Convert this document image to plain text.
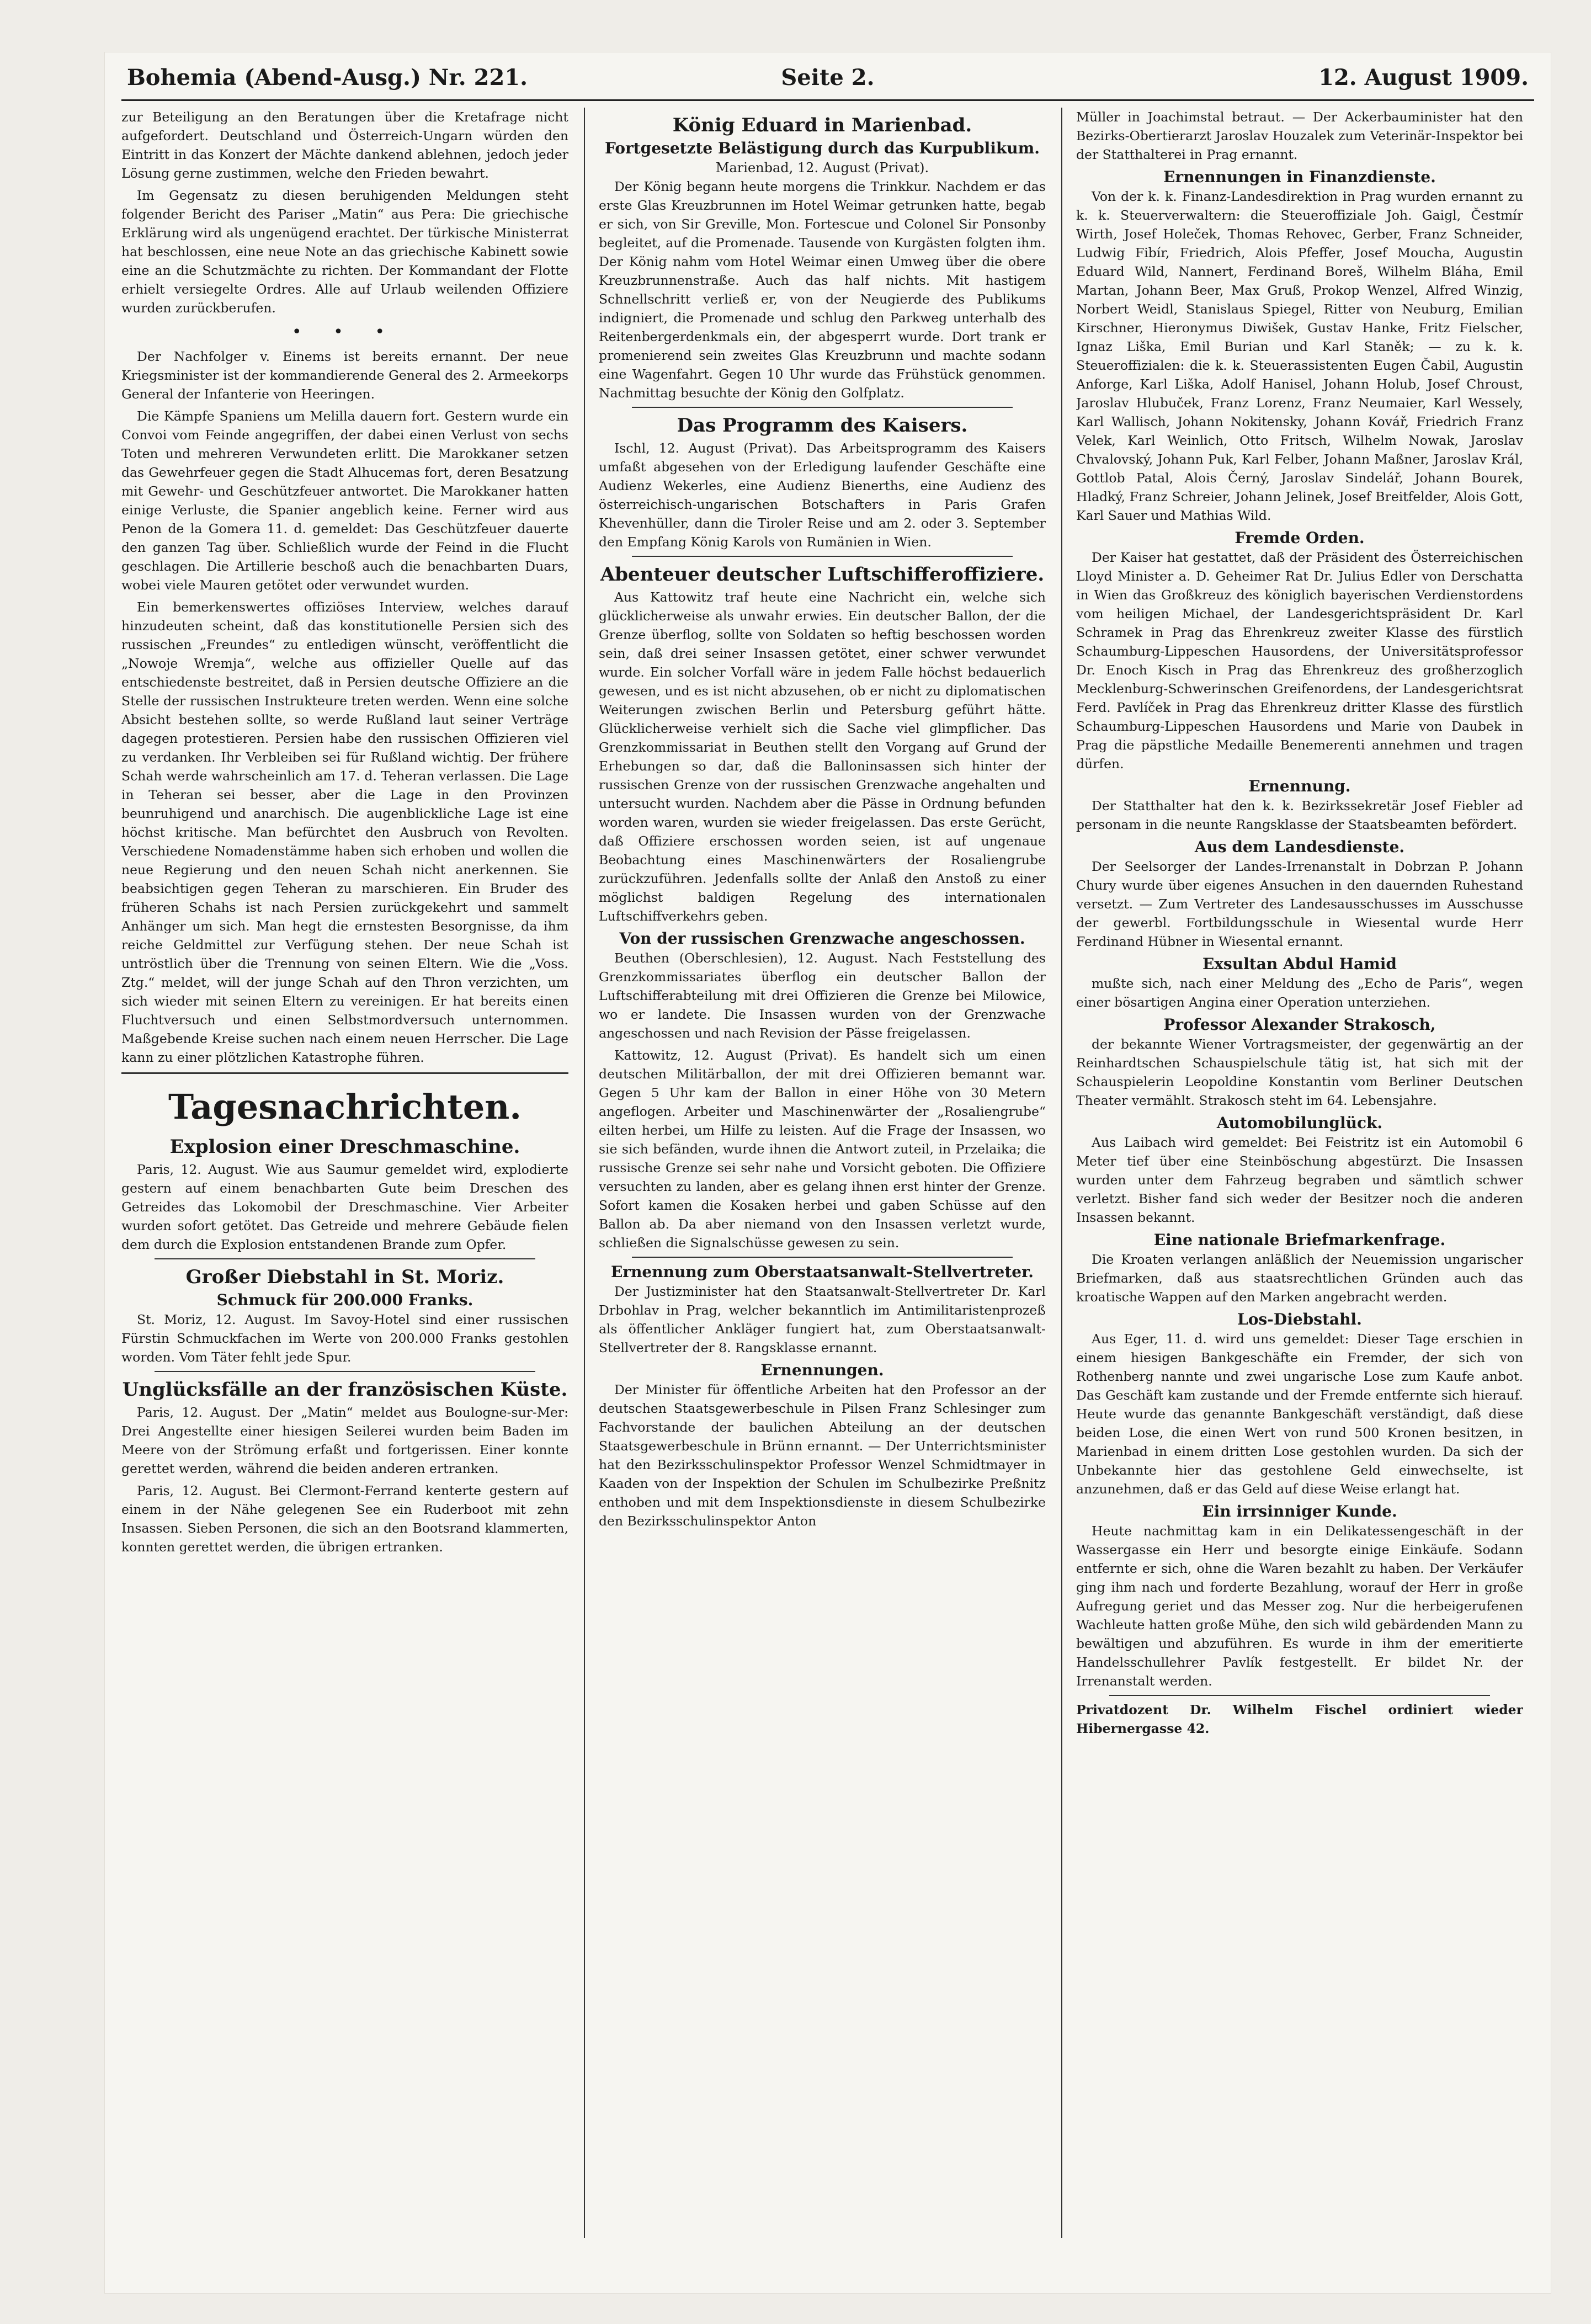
Bohemia (Abend-Ausg.) Nr. 221.	Seite 2.	12. August 1909.

zur Beteiligung an den Beratungen über die Kretafrage nicht aufgefordert. Deutschland und Österreich-Ungarn würden den Eintritt in das Konzert der Mächte dankend ablehnen, jedoch jeder Lösung gerne zustimmen, welche den Frieden bewahrt.

Im Gegensatz zu diesen beruhigenden Meldungen steht folgender Bericht des Pariser „Matin“ aus Pera: Die griechische Erklärung wird als ungenügend erachtet. Der türkische Ministerrat hat beschlossen, eine neue Note an das griechische Kabinett sowie eine an die Schutzmächte zu richten. Der Kommandant der Flotte erhielt versiegelte Ordres. Alle auf Urlaub weilenden Offiziere wurden zurückberufen.

• • •

Der Nachfolger v. Einems ist bereits ernannt. Der neue Kriegsminister ist der kommandierende General des 2. Armeekorps General der Infanterie von Heeringen.

Die Kämpfe Spaniens um Melilla dauern fort. Gestern wurde ein Convoi vom Feinde angegriffen, der dabei einen Verlust von sechs Toten und mehreren Verwundeten erlitt. Die Marokkaner setzen das Gewehrfeuer gegen die Stadt Alhucemas fort, deren Besatzung mit Gewehr- und Geschützfeuer antwortet. Die Marokkaner hatten einige Verluste, die Spanier angeblich keine. Ferner wird aus Penon de la Gomera 11. d. gemeldet: Das Geschützfeuer dauerte den ganzen Tag über. Schließlich wurde der Feind in die Flucht geschlagen. Die Artillerie beschoß auch die benachbarten Duars, wobei viele Mauren getötet oder verwundet wurden.

Ein bemerkenswertes offiziöses Interview, welches darauf hinzudeuten scheint, daß das konstitutionelle Persien sich des russischen „Freundes“ zu entledigen wünscht, veröffentlicht die „Nowoje Wremja“, welche aus offizieller Quelle auf das entschiedenste bestreitet, daß in Persien deutsche Offiziere an die Stelle der russischen Instrukteure treten werden. Wenn eine solche Absicht bestehen sollte, so werde Rußland laut seiner Verträge dagegen protestieren. Persien habe den russischen Offizieren viel zu verdanken. Ihr Verbleiben sei für Rußland wichtig. Der frühere Schah werde wahrscheinlich am 17. d. Teheran verlassen. Die Lage in Teheran sei besser, aber die Lage in den Provinzen beunruhigend und anarchisch. Die augenblickliche Lage ist eine höchst kritische. Man befürchtet den Ausbruch von Revolten. Verschiedene Nomadenstämme haben sich erhoben und wollen die neue Regierung und den neuen Schah nicht anerkennen. Sie beabsichtigen gegen Teheran zu marschieren. Ein Bruder des früheren Schahs ist nach Persien zurückgekehrt und sammelt Anhänger um sich. Man hegt die ernstesten Besorgnisse, da ihm reiche Geldmittel zur Verfügung stehen. Der neue Schah ist untröstlich über die Trennung von seinen Eltern. Wie die „Voss. Ztg.“ meldet, will der junge Schah auf den Thron verzichten, um sich wieder mit seinen Eltern zu vereinigen. Er hat bereits einen Fluchtversuch und einen Selbstmordversuch unternommen. Maßgebende Kreise suchen nach einem neuen Herrscher. Die Lage kann zu einer plötzlichen Katastrophe führen.

Tagesnachrichten.
Explosion einer Dreschmaschine.

Paris, 12. August. Wie aus Saumur gemeldet wird, explodierte gestern auf einem benachbarten Gute beim Dreschen des Getreides das Lokomobil der Dreschmaschine. Vier Arbeiter wurden sofort getötet. Das Getreide und mehrere Gebäude fielen dem durch die Explosion entstandenen Brande zum Opfer.

Großer Diebstahl in St. Moriz.
Schmuck für 200.000 Franks.

St. Moriz, 12. August. Im Savoy-Hotel sind einer russischen Fürstin Schmuckfachen im Werte von 200.000 Franks gestohlen worden. Vom Täter fehlt jede Spur.

Unglücksfälle an der französischen Küste.

Paris, 12. August. Der „Matin“ meldet aus Boulogne-sur-Mer: Drei Angestellte einer hiesigen Seilerei wurden beim Baden im Meere von der Strömung erfaßt und fortgerissen. Einer konnte gerettet werden, während die beiden anderen ertranken.

Paris, 12. August. Bei Clermont-Ferrand kenterte gestern auf einem in der Nähe gelegenen See ein Ruderboot mit zehn Insassen. Sieben Personen, die sich an den Bootsrand klammerten, konnten gerettet werden, die übrigen ertranken.

König Eduard in Marienbad.
Fortgesetzte Belästigung durch das Kurpublikum.
Marienbad, 12. August (Privat).

Der König begann heute morgens die Trinkkur. Nachdem er das erste Glas Kreuzbrunnen im Hotel Weimar getrunken hatte, begab er sich, von Sir Greville, Mon. Fortescue und Colonel Sir Ponsonby begleitet, auf die Promenade. Tausende von Kurgästen folgten ihm. Der König nahm vom Hotel Weimar einen Umweg über die obere Kreuzbrunnenstraße. Auch das half nichts. Mit hastigem Schnellschritt verließ er, von der Neugierde des Publikums indigniert, die Promenade und schlug den Parkweg unterhalb des Reitenbergerdenkmals ein, der abgesperrt wurde. Dort trank er promenierend sein zweites Glas Kreuzbrunn und machte sodann eine Wagenfahrt. Gegen 10 Uhr wurde das Frühstück genommen. Nachmittag besuchte der König den Golfplatz.

Das Programm des Kaisers.

Ischl, 12. August (Privat). Das Arbeitsprogramm des Kaisers umfaßt abgesehen von der Erledigung laufender Geschäfte eine Audienz Wekerles, eine Audienz Bienerths, eine Audienz des österreichisch-ungarischen Botschafters in Paris Grafen Khevenhüller, dann die Tiroler Reise und am 2. oder 3. September den Empfang König Karols von Rumänien in Wien.

Abenteuer deutscher Luftschifferoffiziere.

Aus Kattowitz traf heute eine Nachricht ein, welche sich glücklicherweise als unwahr erwies. Ein deutscher Ballon, der die Grenze überflog, sollte von Soldaten so heftig beschossen worden sein, daß drei seiner Insassen getötet, einer schwer verwundet wurde. Ein solcher Vorfall wäre in jedem Falle höchst bedauerlich gewesen, und es ist nicht abzusehen, ob er nicht zu diplomatischen Weiterungen zwischen Berlin und Petersburg geführt hätte. Glücklicherweise verhielt sich die Sache viel glimpflicher. Das Grenzkommissariat in Beuthen stellt den Vorgang auf Grund der Erhebungen so dar, daß die Balloninsassen sich hinter der russischen Grenze von der russischen Grenzwache angehalten und untersucht wurden. Nachdem aber die Pässe in Ordnung befunden worden waren, wurden sie wieder freigelassen. Das erste Gerücht, daß Offiziere erschossen worden seien, ist auf ungenaue Beobachtung eines Maschinenwärters der Rosaliengrube zurückzuführen. Jedenfalls sollte der Anlaß den Anstoß zu einer möglichst baldigen Regelung des internationalen Luftschiffverkehrs geben.

Von der russischen Grenzwache angeschossen.

Beuthen (Oberschlesien), 12. August. Nach Feststellung des Grenzkommissariates überflog ein deutscher Ballon der Luftschifferabteilung mit drei Offizieren die Grenze bei Milowice, wo er landete. Die Insassen wurden von der Grenzwache angeschossen und nach Revision der Pässe freigelassen.

Kattowitz, 12. August (Privat). Es handelt sich um einen deutschen Militärballon, der mit drei Offizieren bemannt war. Gegen 5 Uhr kam der Ballon in einer Höhe von 30 Metern angeflogen. Arbeiter und Maschinenwärter der „Rosaliengrube“ eilten herbei, um Hilfe zu leisten. Auf die Frage der Insassen, wo sie sich befänden, wurde ihnen die Antwort zuteil, in Przelaika; die russische Grenze sei sehr nahe und Vorsicht geboten. Die Offiziere versuchten zu landen, aber es gelang ihnen erst hinter der Grenze. Sofort kamen die Kosaken herbei und gaben Schüsse auf den Ballon ab. Da aber niemand von den Insassen verletzt wurde, schließen die Signalschüsse gewesen zu sein.

Ernennung zum Oberstaatsanwalt-Stellvertreter.

Der Justizminister hat den Staatsanwalt-Stellvertreter Dr. Karl Drbohlav in Prag, welcher bekanntlich im Antimilitaristenprozeß als öffentlicher Ankläger fungiert hat, zum Oberstaatsanwalt-Stellvertreter der 8. Rangsklasse ernannt.

Ernennungen.

Der Minister für öffentliche Arbeiten hat den Professor an der deutschen Staatsgewerbeschule in Pilsen Franz Schlesinger zum Fachvorstande der baulichen Abteilung an der deutschen Staatsgewerbeschule in Brünn ernannt. — Der Unterrichtsminister hat den Bezirksschulinspektor Professor Wenzel Schmidtmayer in Kaaden von der Inspektion der Schulen im Schulbezirke Preßnitz enthoben und mit dem Inspektionsdienste in diesem Schulbezirke den Bezirksschulinspektor Anton

Müller in Joachimstal betraut. — Der Ackerbauminister hat den Bezirks-Obertierarzt Jaroslav Houzalek zum Veterinär-Inspektor bei der Statthalterei in Prag ernannt.

Ernennungen in Finanzdienste.

Von der k. k. Finanz-Landesdirektion in Prag wurden ernannt zu k. k. Steuerverwaltern: die Steueroffiziale Joh. Gaigl, Čestmír Wirth, Josef Holeček, Thomas Rehovec, Gerber, Franz Schneider, Ludwig Fibír, Friedrich, Alois Pfeffer, Josef Moucha, Augustin Eduard Wild, Nannert, Ferdinand Boreš, Wilhelm Bláha, Emil Martan, Johann Beer, Max Gruß, Prokop Wenzel, Alfred Winzig, Norbert Weidl, Stanislaus Spiegel, Ritter von Neuburg, Emilian Kirschner, Hieronymus Diwišek, Gustav Hanke, Fritz Fielscher, Ignaz Liška, Emil Burian und Karl Staněk; — zu k. k. Steueroffizialen: die k. k. Steuerassistenten Eugen Čabil, Augustin Anforge, Karl Liška, Adolf Hanisel, Johann Holub, Josef Chroust, Jaroslav Hlubuček, Franz Lorenz, Franz Neumaier, Karl Wessely, Karl Wallisch, Johann Nokitensky, Johann Kovář, Friedrich Franz Velek, Karl Weinlich, Otto Fritsch, Wilhelm Nowak, Jaroslav Chvalovský, Johann Puk, Karl Felber, Johann Maßner, Jaroslav Král, Gottlob Patal, Alois Černý, Jaroslav Sindelář, Johann Bourek, Hladký, Franz Schreier, Johann Jelinek, Josef Breitfelder, Alois Gott, Karl Sauer und Mathias Wild.

Fremde Orden.

Der Kaiser hat gestattet, daß der Präsident des Österreichischen Lloyd Minister a. D. Geheimer Rat Dr. Julius Edler von Derschatta in Wien das Großkreuz des königlich bayerischen Verdienstordens vom heiligen Michael, der Landesgerichtspräsident Dr. Karl Schramek in Prag das Ehrenkreuz zweiter Klasse des fürstlich Schaumburg-Lippeschen Hausordens, der Universitätsprofessor Dr. Enoch Kisch in Prag das Ehrenkreuz des großherzoglich Mecklenburg-Schwerinschen Greifenordens, der Landesgerichtsrat Ferd. Pavlíček in Prag das Ehrenkreuz dritter Klasse des fürstlich Schaumburg-Lippeschen Hausordens und Marie von Daubek in Prag die päpstliche Medaille Benemerenti annehmen und tragen dürfen.

Ernennung.

Der Statthalter hat den k. k. Bezirkssekretär Josef Fiebler ad personam in die neunte Rangsklasse der Staatsbeamten befördert.

Aus dem Landesdienste.

Der Seelsorger der Landes-Irrenanstalt in Dobrzan P. Johann Chury wurde über eigenes Ansuchen in den dauernden Ruhestand versetzt. — Zum Vertreter des Landesausschusses im Ausschusse der gewerbl. Fortbildungsschule in Wiesental wurde Herr Ferdinand Hübner in Wiesental ernannt.

Exsultan Abdul Hamid

mußte sich, nach einer Meldung des „Echo de Paris“, wegen einer bösartigen Angina einer Operation unterziehen.

Professor Alexander Strakosch,

der bekannte Wiener Vortragsmeister, der gegenwärtig an der Reinhardtschen Schauspielschule tätig ist, hat sich mit der Schauspielerin Leopoldine Konstantin vom Berliner Deutschen Theater vermählt. Strakosch steht im 64. Lebensjahre.

Automobilunglück.

Aus Laibach wird gemeldet: Bei Feistritz ist ein Automobil 6 Meter tief über eine Steinböschung abgestürzt. Die Insassen wurden unter dem Fahrzeug begraben und sämtlich schwer verletzt. Bisher fand sich weder der Besitzer noch die anderen Insassen bekannt.

Eine nationale Briefmarkenfrage.

Die Kroaten verlangen anläßlich der Neuemission ungarischer Briefmarken, daß aus staatsrechtlichen Gründen auch das kroatische Wappen auf den Marken angebracht werden.

Los-Diebstahl.

Aus Eger, 11. d. wird uns gemeldet: Dieser Tage erschien in einem hiesigen Bankgeschäfte ein Fremder, der sich von Rothenberg nannte und zwei ungarische Lose zum Kaufe anbot. Das Geschäft kam zustande und der Fremde entfernte sich hierauf. Heute wurde das genannte Bankgeschäft verständigt, daß diese beiden Lose, die einen Wert von rund 500 Kronen besitzen, in Marienbad in einem dritten Lose gestohlen wurden. Da sich der Unbekannte hier das gestohlene Geld einwechselte, ist anzunehmen, daß er das Geld auf diese Weise erlangt hat.

Ein irrsinniger Kunde.

Heute nachmittag kam in ein Delikatessengeschäft in der Wassergasse ein Herr und besorgte einige Einkäufe. Sodann entfernte er sich, ohne die Waren bezahlt zu haben. Der Verkäufer ging ihm nach und forderte Bezahlung, worauf der Herr in große Aufregung geriet und das Messer zog. Nur die herbeigerufenen Wachleute hatten große Mühe, den sich wild gebärdenden Mann zu bewältigen und abzuführen. Es wurde in ihm der emeritierte Handelsschullehrer Pavlík festgestellt. Er bildet Nr. der Irrenanstalt werden.

Privatdozent Dr. Wilhelm Fischel ordiniert wieder Hibernergasse 42.
